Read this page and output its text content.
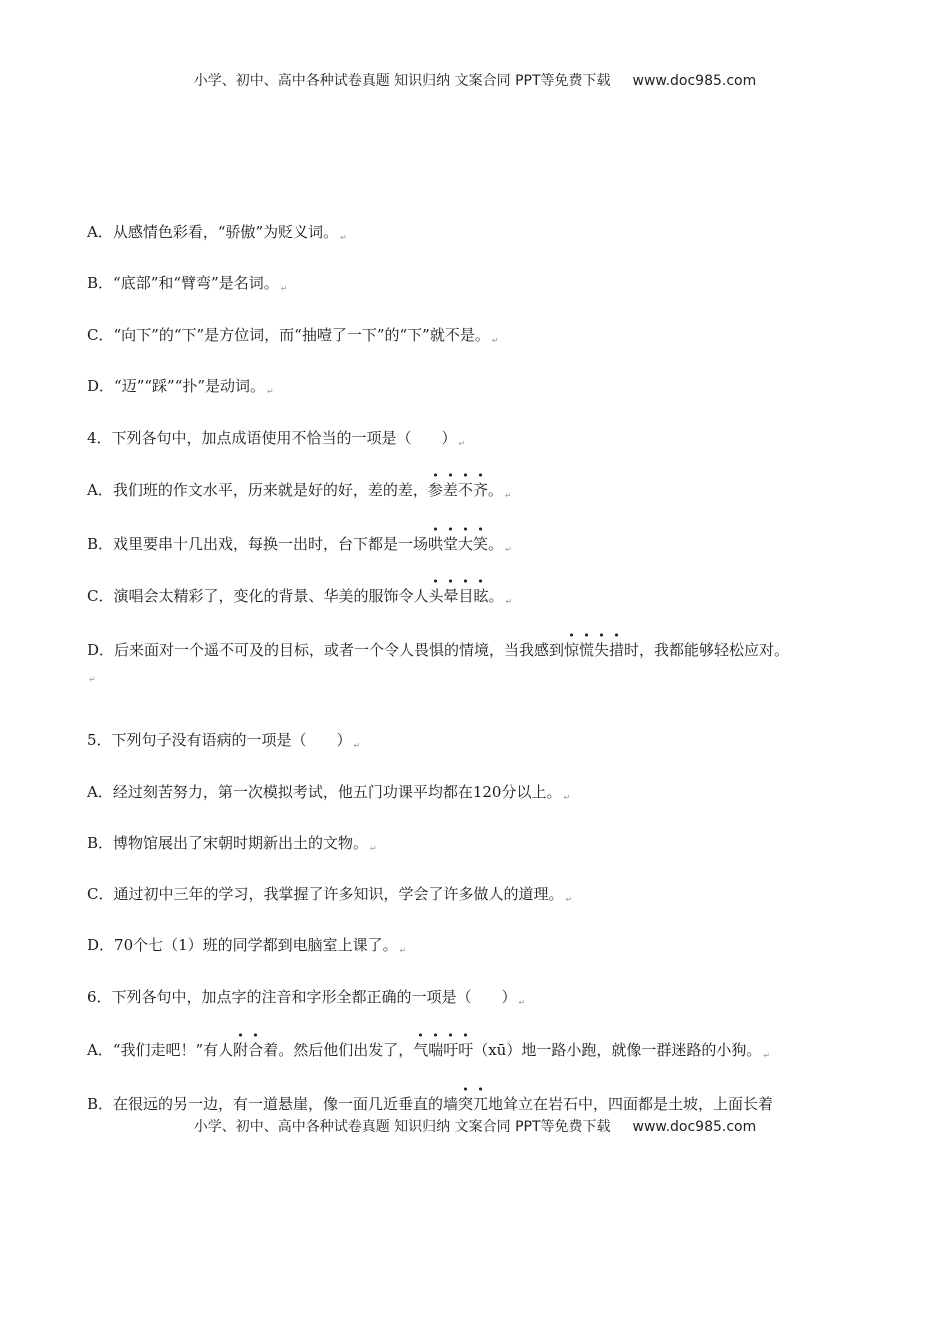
小学、初中、高中各种试卷真题 知识归纳 文案合同 PPT等免费下载 www.doc985.com
A．从感情色彩看，“骄傲”为贬义词。 $_↵$
B．“底部”和“臂弯”是名词。 $_↵$
C．“向下”的“下”是方位词，而“抽噎了一下”的“下”就不是。 $_↵$
D．“迈”“踩”“扑”是动词。 $_↵$
4．下列各句中，加点成语使用不恰当的一项是（　　） $_↵$
A．我们班的作文水平，历来就是好的好，差的差，参差不齐。 $_↵$
B．戏里要串十几出戏，每换一出时，台下都是一场哄堂大笑。 $_↵$
C．演唱会太精彩了，变化的背景、华美的服饰令人头晕目眩。 $_↵$
D．后来面对一个遥不可及的目标，或者一个令人畏惧的情境，当我感到惊慌失措时，我都能够轻松应对。
$_↵$
5．下列句子没有语病的一项是（　　） $_↵$
A．经过刻苦努力，第一次模拟考试，他五门功课平均都在120分以上。 $_↵$
B．博物馆展出了宋朝时期新出土的文物。 $_↵$
C．通过初中三年的学习，我掌握了许多知识，学会了许多做人的道理。 $_↵$
D．70个七（1）班的同学都到电脑室上课了。 $_↵$
6．下列各句中，加点字的注音和字形全都正确的一项是（　　） $_↵$
A．“我们走吧！”有人附合着。然后他们出发了，气喘吁吁（xū）地一路小跑，就像一群迷路的小狗。 $_↵$
B．在很远的另一边，有一道悬崖，像一面几近垂直的墙突兀地耸立在岩石中，四面都是土坡，上面长着
小学、初中、高中各种试卷真题 知识归纳 文案合同 PPT等免费下载 www.doc985.com
